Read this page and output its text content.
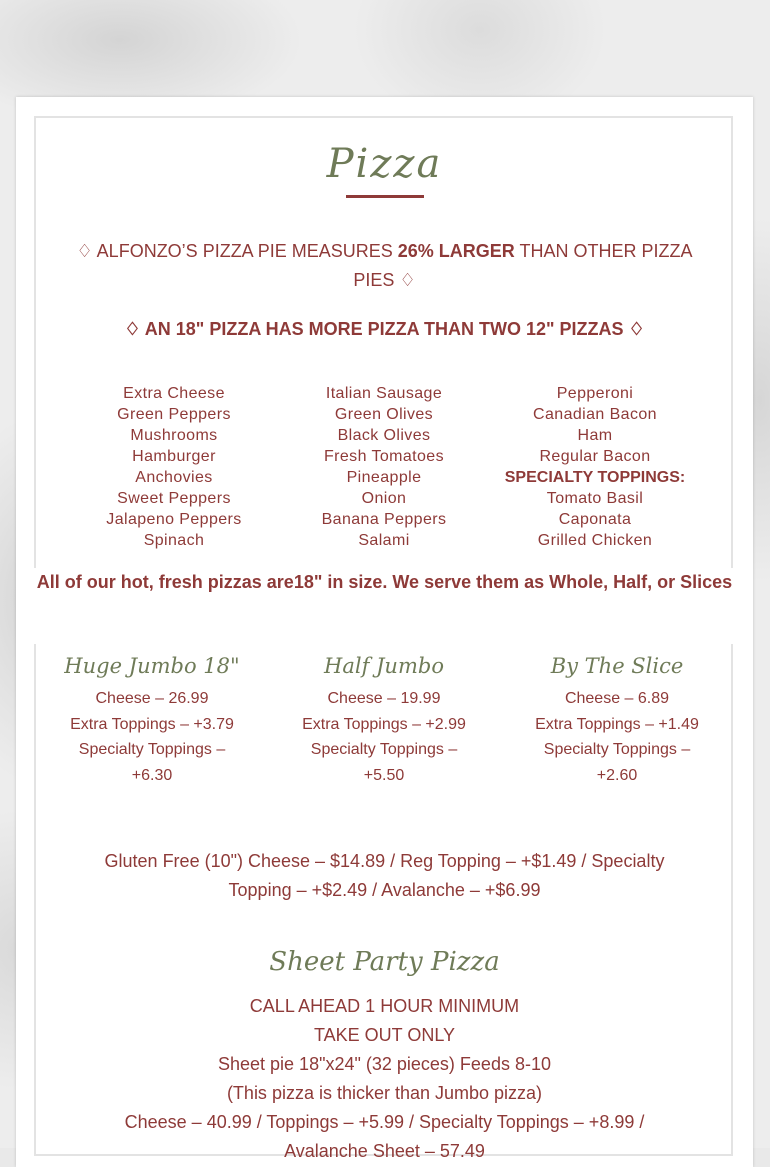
Pizza
♢ ALFONZO’S PIZZA PIE MEASURES 26% LARGER THAN OTHER PIZZA PIES ♢
♢ AN 18" PIZZA HAS MORE PIZZA THAN TWO 12" PIZZAS ♢
Extra Cheese
Green Peppers
Mushrooms
Hamburger
Anchovies
Sweet Peppers
Jalapeno Peppers
Spinach
Italian Sausage
Green Olives
Black Olives
Fresh Tomatoes
Pineapple
Onion
Banana Peppers
Salami
Pepperoni
Canadian Bacon
Ham
Regular Bacon
SPECIALTY TOPPINGS:
Tomato Basil
Caponata
Grilled Chicken
All of our hot, fresh pizzas are18" in size. We serve them as Whole, Half, or Slices
Huge Jumbo 18"
Cheese – 26.99
Extra Toppings – +3.79
Specialty Toppings –
+6.30
Half Jumbo
Cheese – 19.99
Extra Toppings – +2.99
Specialty Toppings –
+5.50
By The Slice
Cheese – 6.89
Extra Toppings – +1.49
Specialty Toppings –
+2.60
Gluten Free (10") Cheese – $14.89 / Reg Topping – +$1.49 / Specialty Topping – +$2.49 / Avalanche – +$6.99
Sheet Party Pizza
CALL AHEAD 1 HOUR MINIMUM
TAKE OUT ONLY
Sheet pie 18"x24" (32 pieces) Feeds 8-10
(This pizza is thicker than Jumbo pizza)
Cheese – 40.99 / Toppings – +5.99 / Specialty Toppings – +8.99 /
Avalanche Sheet – 57.49
